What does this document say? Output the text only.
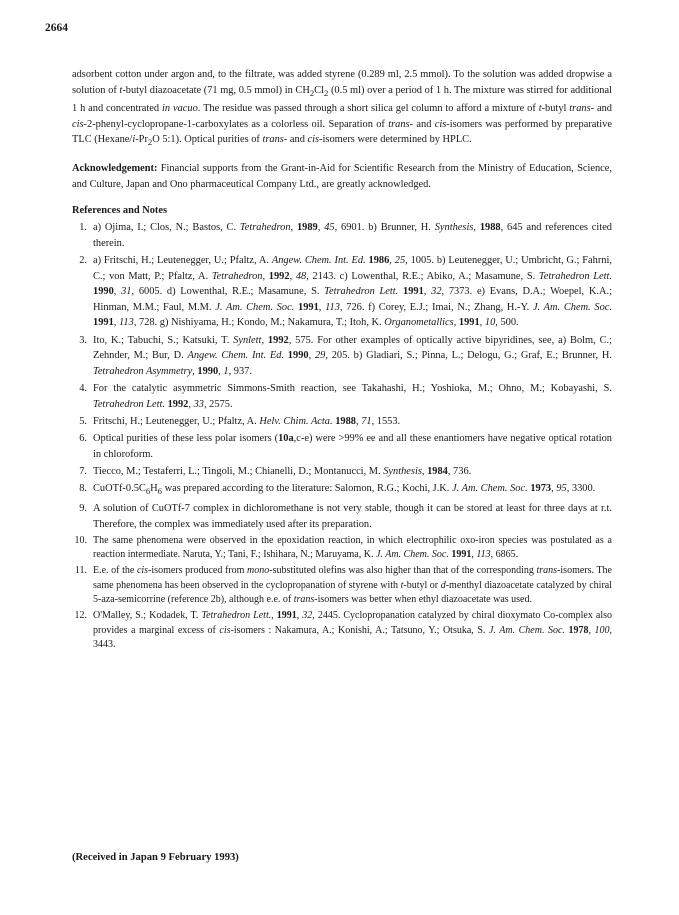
2664

adsorbent cotton under argon and, to the filtrate, was added styrene (0.289 ml, 2.5 mmol). To the solution was added dropwise a solution of t-butyl diazoacetate (71 mg, 0.5 mmol) in $CH_2Cl_2$ (0.5 ml) over a period of 1 h. The mixture was stirred for additional 1 h and concentrated in vacuo. The residue was passed through a short silica gel column to afford a mixture of t-butyl trans- and cis-2-phenyl-cyclopropane-1-carboxylates as a colorless oil. Separation of trans- and cis-isomers was performed by preparative TLC ($Hexane/i-Pr_2O$ 5:1). Optical purities of trans- and cis-isomers were determined by HPLC.

Acknowledgement: Financial supports from the Grant-in-Aid for Scientific Research from the Ministry of Education, Science, and Culture, Japan and Ono pharmaceutical Company Ltd., are greatly acknowledged.

References and Notes
1. a) Ojima, I.; Clos, N.; Bastos, C. Tetrahedron, 1989, 45, 6901. b) Brunner, H. Synthesis, 1988, 645 and references cited therein.
2. a) Fritschi, H.; Leutenegger, U.; Pfaltz, A. Angew. Chem. Int. Ed. 1986, 25, 1005. b) Leutenegger, U.; Umbricht, G.; Fahrni, C.; von Matt, P.; Pfaltz, A. Tetrahedron, 1992, 48, 2143. c) Lowenthal, R.E.; Abiko, A.; Masamune, S. Tetrahedron Lett. 1990, 31, 6005. d) Lowenthal, R.E.; Masamune, S. Tetrahedron Lett. 1991, 32, 7373. e) Evans, D.A.; Woepel, K.A.; Hinman, M.M.; Faul, M.M. J. Am. Chem. Soc. 1991, 113, 726. f) Corey, E.J.; Imai, N.; Zhang, H.-Y. J. Am. Chem. Soc. 1991, 113, 728. g) Nishiyama, H.; Kondo, M.; Nakamura, T.; Itoh, K. Organometallics, 1991, 10, 500.
3. Ito, K.; Tabuchi, S.; Katsuki, T. Synlett, 1992, 575. For other examples of optically active bipyridines, see, a) Bolm, C.; Zehnder, M.; Bur, D. Angew. Chem. Int. Ed. 1990, 29, 205. b) Gladiari, S.; Pinna, L.; Delogu, G.; Graf, E.; Brunner, H. Tetrahedron Asymmetry, 1990, 1, 937.
4. For the catalytic asymmetric Simmons-Smith reaction, see Takahashi, H.; Yoshioka, M.; Ohno, M.; Kobayashi, S. Tetrahedron Lett. 1992, 33, 2575.
5. Fritschi, H.; Leutenegger, U.; Pfaltz, A. Helv. Chim. Acta. 1988, 71, 1553.
6. Optical purities of these less polar isomers (10a,c-e) were >99% ee and all these enantiomers have negative optical rotation in chloroform.
7. Tiecco, M.; Testaferri, L.; Tingoli, M.; Chianelli, D.; Montanucci, M. Synthesis, 1984, 736.
8. CuOTf-$0.5C_6H_6$ was prepared according to the literature: Salomon, R.G.; Kochi, J.K. J. Am. Chem. Soc. 1973, 95, 3300.
9. A solution of CuOTf-7 complex in dichloromethane is not very stable, though it can be stored at least for three days at r.t. Therefore, the complex was immediately used after its preparation.
10. The same phenomena were observed in the epoxidation reaction, in which electrophilic oxo-iron species was postulated as a reaction intermediate. Naruta, Y.; Tani, F.; Ishihara, N.; Maruyama, K. J. Am. Chem. Soc. 1991, 113, 6865.
11. E.e. of the cis-isomers produced from mono-substituted olefins was also higher than that of the corresponding trans-isomers. The same phenomena has been observed in the cyclopropanation of styrene with t-butyl or d-menthyl diazoacetate catalyzed by chiral 5-aza-semicorrine (reference 2b), although e.e. of trans-isomers was better when ethyl diazoacetate was used.
12. O'Malley, S.; Kodadek, T. Tetrahedron Lett., 1991, 32, 2445. Cyclopropanation catalyzed by chiral dioxymato Co-complex also provides a marginal excess of cis-isomers : Nakamura, A.; Konishi, A.; Tatsuno, Y.; Otsuka, S. J. Am. Chem. Soc. 1978, 100, 3443.
(Received in Japan 9 February 1993)
